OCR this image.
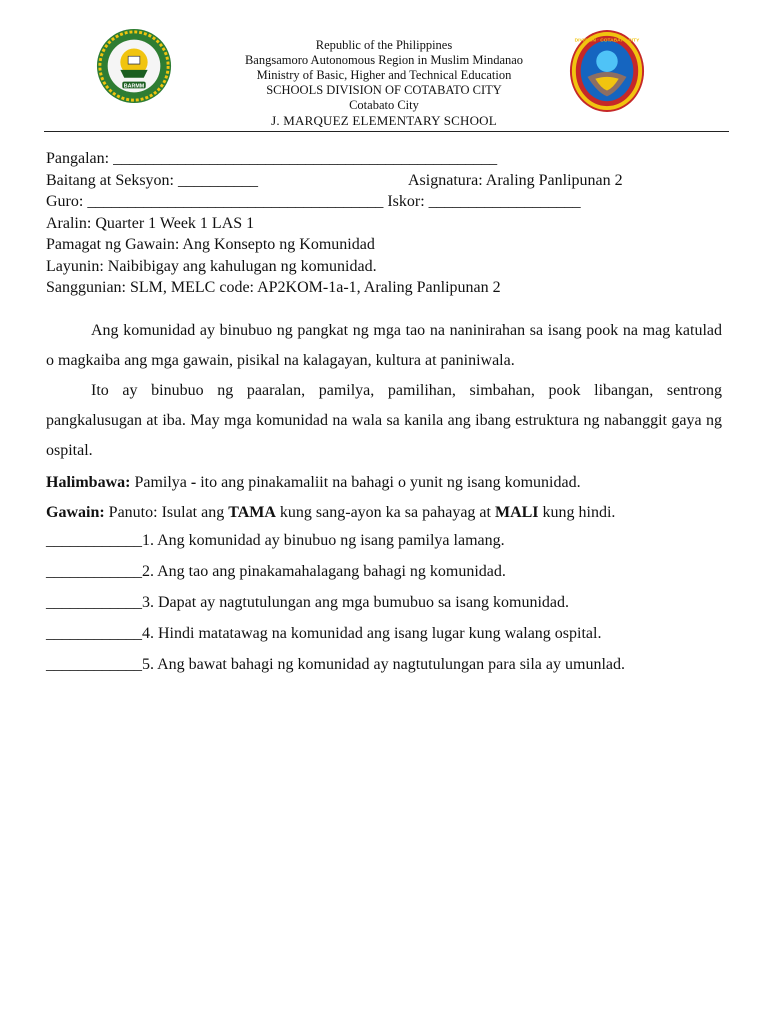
BARMM
DIVISION · COTABATO CITY
Republic of the Philippines
Bangsamoro Autonomous Region in Muslim Mindanao
Ministry of Basic, Higher and Technical Education
SCHOOLS DIVISION OF COTABATO CITY
Cotabato City
J. MARQUEZ ELEMENTARY SCHOOL
Pangalan: ________________________________________________
Baitang at Seksyon: __________	Asignatura: Araling Panlipunan 2
Guro: _____________________________________ Iskor: ___________________
Aralin: Quarter 1 Week 1 LAS 1
Pamagat ng Gawain: Ang Konsepto ng Komunidad
Layunin: Naibibigay ang kahulugan ng komunidad.
Sanggunian: SLM, MELC code: AP2KOM-1a-1, Araling Panlipunan 2

Ang komunidad ay binubuo ng pangkat ng mga tao na naninirahan sa isang pook na mag katulad o magkaiba ang mga gawain, pisikal na kalagayan, kultura at paniniwala.

Ito ay binubuo ng paaralan, pamilya, pamilihan, simbahan, pook libangan, sentrong pangkalusugan at iba. May mga komunidad na wala sa kanila ang ibang estruktura ng nabanggit gaya ng ospital.

Halimbawa: Pamilya - ito ang pinakamaliit na bahagi o yunit ng isang komunidad.

Gawain: Panuto: Isulat ang TAMA kung sang-ayon ka sa pahayag at MALI kung hindi.

____________1. Ang komunidad ay binubuo ng isang pamilya lamang.
____________2. Ang tao ang pinakamahalagang bahagi ng komunidad.
____________3. Dapat ay nagtutulungan ang mga bumubuo sa isang komunidad.
____________4. Hindi matatawag na komunidad ang isang lugar kung walang ospital.
____________5. Ang bawat bahagi ng komunidad ay nagtutulungan para sila ay umunlad.
